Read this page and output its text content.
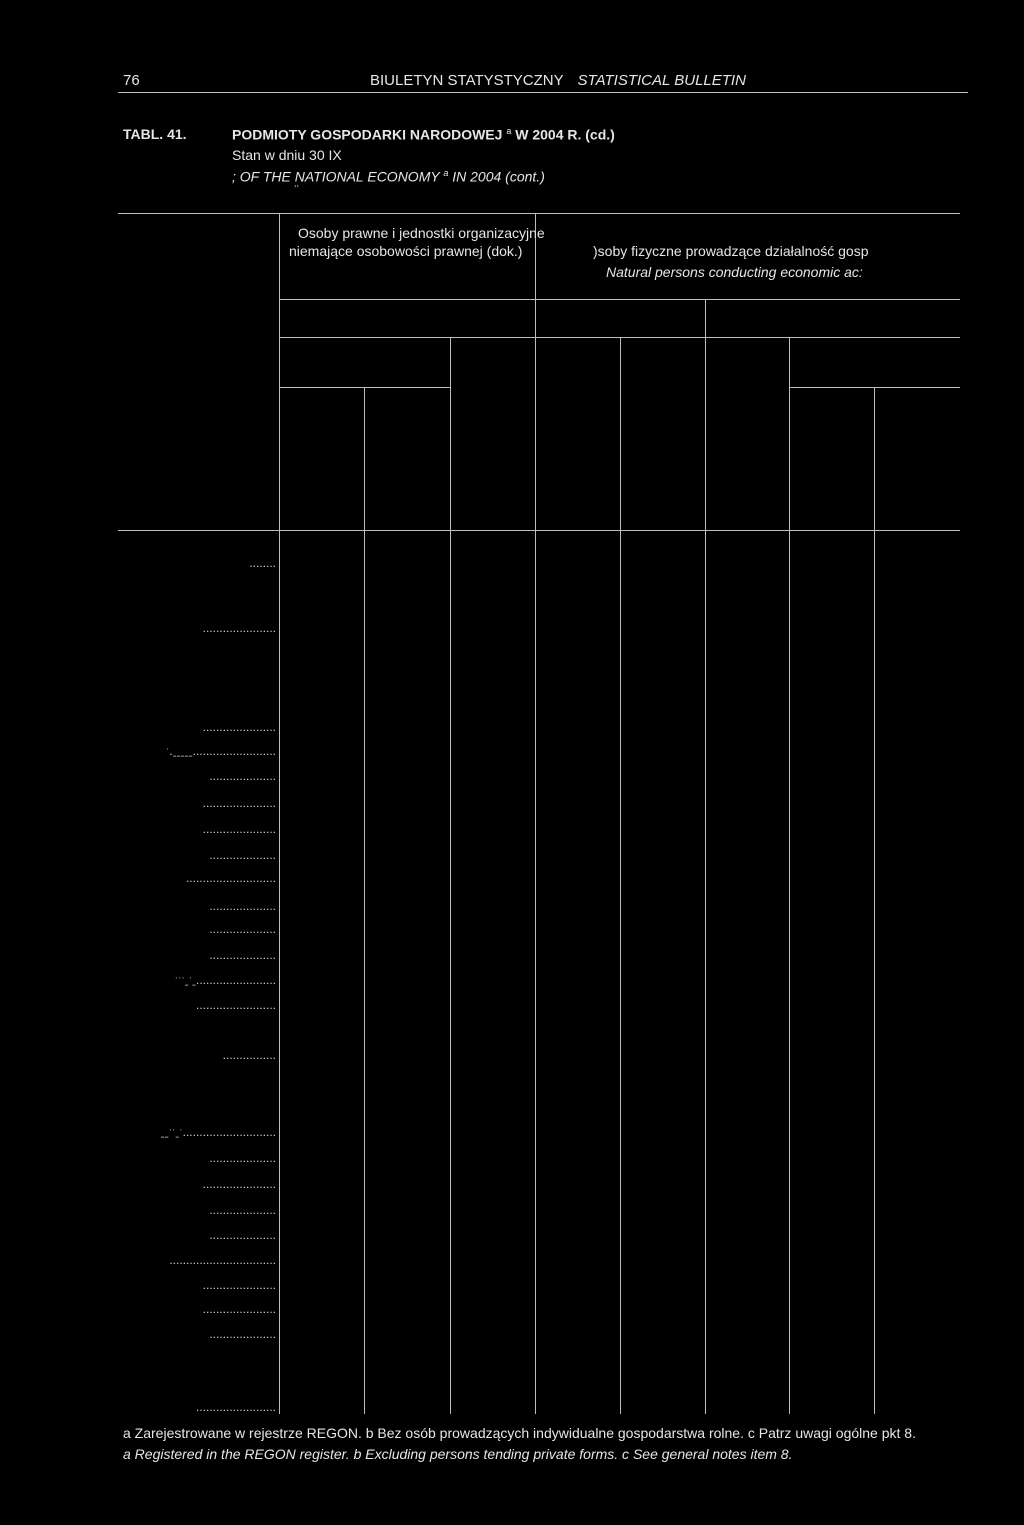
76	BIULETYN STATYSTYCZNY STATISTICAL BULLETIN
TABL. 41.	PODMIOTY GOSPODARKI NARODOWEJ $^a$ W 2004 R. (cd.)
Stan w dniu 30 IX
; OF THE NATIONAL ECONOMY $^a$ IN 2004 (cont.)
ʼʼ
Osoby prawne i jednostki organizacyjne
niemające osobowości prawnej (dok.)	)soby fizyczne prowadzące działalność gosp
Natural persons conducting economic ac:
........
......................
......................
ˑ.ˍˍˍˍˍ.........................
....................
......................
......................
....................
...........................
....................
....................
....................
ˑˑˑˍˑˍ........................
........................
................
ˍˍˑˑˍˑ............................
....................
......................
....................
....................
................................
......................
......................
....................
........................
a Zarejestrowane w rejestrze REGON. b Bez osób prowadzących indywidualne gospodarstwa rolne. c Patrz uwagi ogólne pkt 8.
a Registered in the REGON register. b Excluding persons tending private forms. c See general notes item 8.
